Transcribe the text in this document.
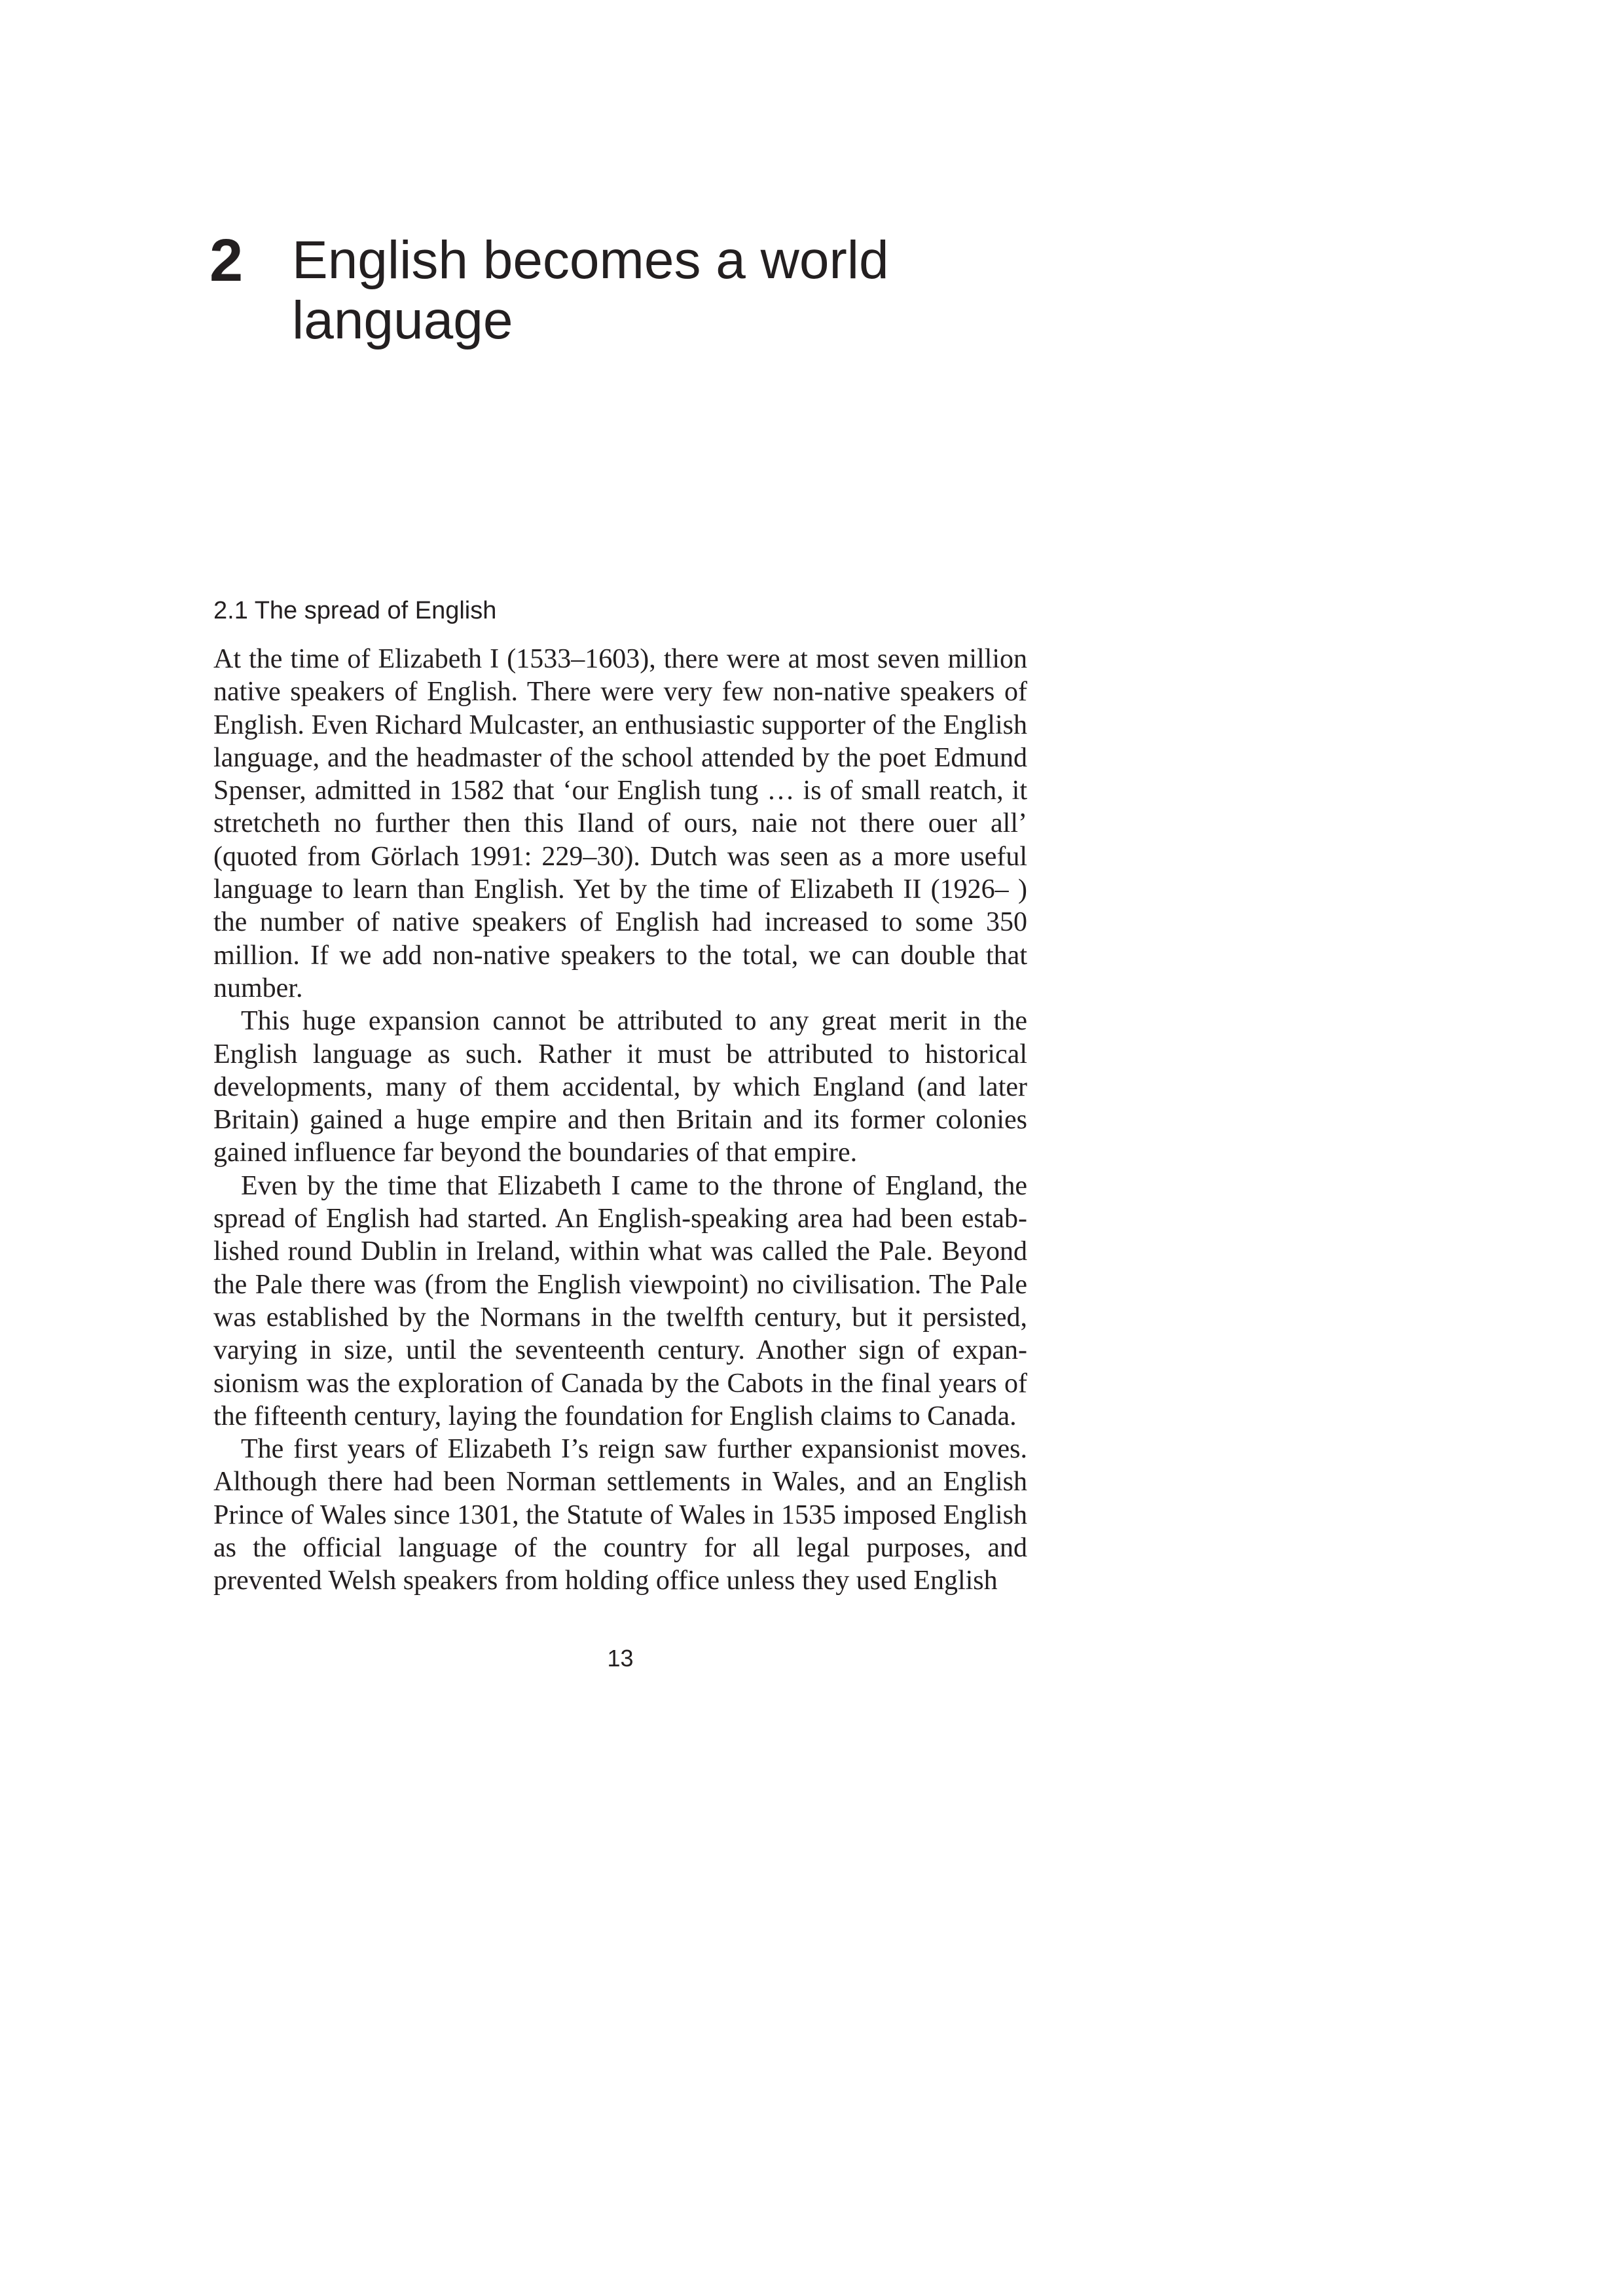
2 English becomes a world language
2.1 The spread of English

At the time of Elizabeth I (1533–1603), there were at most seven million native speakers of English. There were very few non-native speakers of English. Even Richard Mulcaster, an enthusiastic supporter of the English language, and the headmaster of the school attended by the poet Edmund Spenser, admitted in 1582 that ‘our English tung … is of small reatch, it stretcheth no further then this Iland of ours, naie not there ouer all’ (quoted from Görlach 1991: 229–30). Dutch was seen as a more useful language to learn than English. Yet by the time of Elizabeth II (1926– ) the number of native speakers of English had increased to some 350 million. If we add non-native speakers to the total, we can double that number.

This huge expansion cannot be attributed to any great merit in the English language as such. Rather it must be attributed to historical developments, many of them accidental, by which England (and later Britain) gained a huge empire and then Britain and its former colonies gained influence far beyond the boundaries of that empire.

Even by the time that Elizabeth I came to the throne of England, the spread of English had started. An English-speaking area had been estab-lished round Dublin in Ireland, within what was called the Pale. Beyond the Pale there was (from the English viewpoint) no civilisation. The Pale was established by the Normans in the twelfth century, but it persisted, varying in size, until the seventeenth century. Another sign of expan-sionism was the exploration of Canada by the Cabots in the final years of the fifteenth century, laying the foundation for English claims to Canada.

The first years of Elizabeth I’s reign saw further expansionist moves. Although there had been Norman settlements in Wales, and an English Prince of Wales since 1301, the Statute of Wales in 1535 imposed English as the official language of the country for all legal purposes, and prevented Welsh speakers from holding office unless they used English

13
